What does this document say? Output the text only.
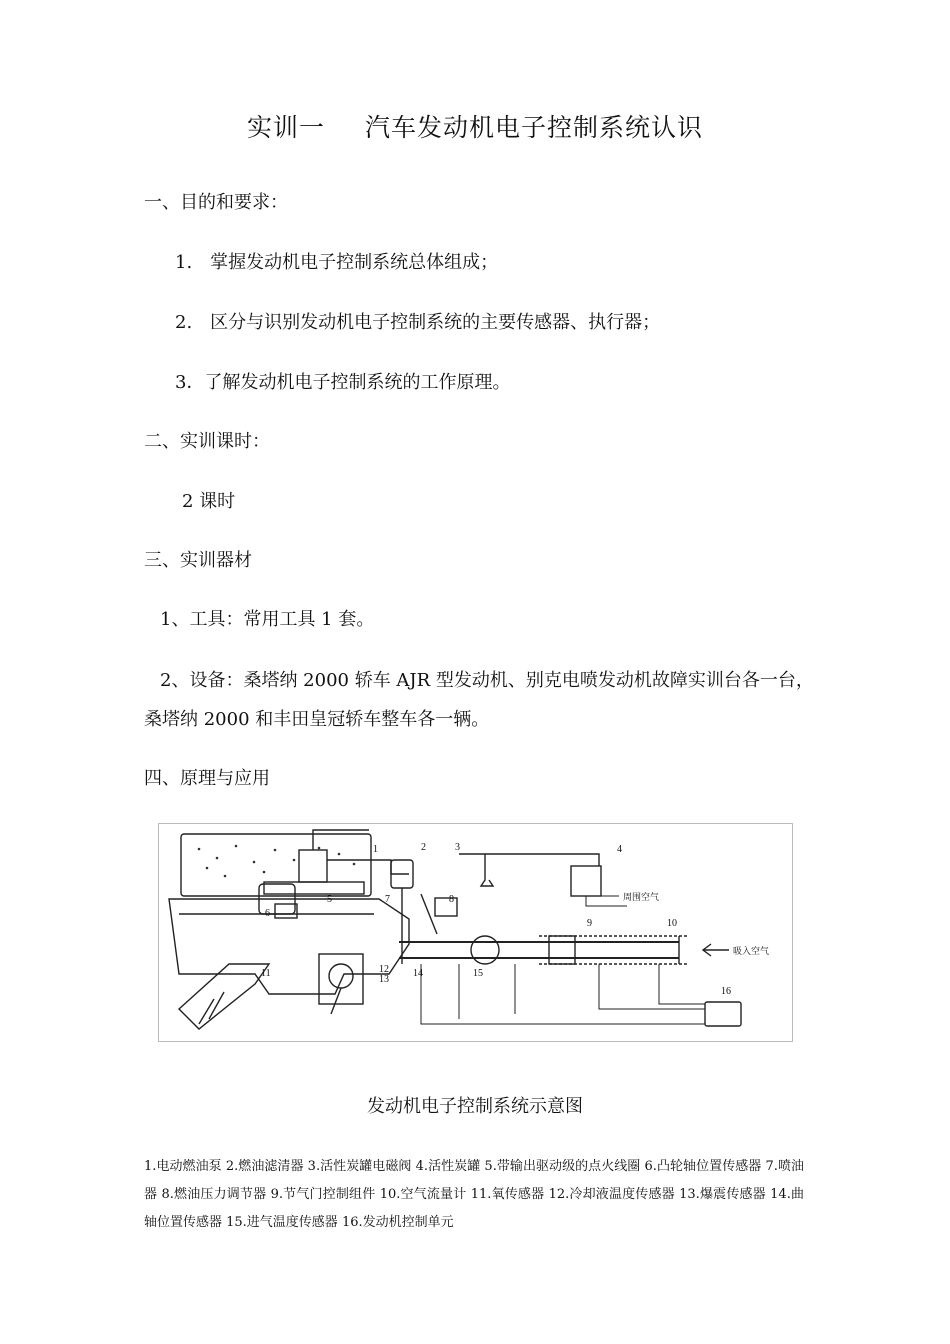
实训一 汽车发动机电子控制系统认识
一、目的和要求：
1.　掌握发动机电子控制系统总体组成；
2.　区分与识别发动机电子控制系统的主要传感器、执行器；
3．了解发动机电子控制系统的工作原理。
二、实训课时：
2 课时
三、实训器材
1、工具：常用工具 1 套。
2、设备：桑塔纳 2000 轿车 AJR 型发动机、别克电喷发动机故障实训台各一台，
桑塔纳 2000 和丰田皇冠轿车整车各一辆。
四、原理与应用
1	2	3	4
5
6
7	8
9	10
11	12
13
14	15
16
周围空气
吸入空气
发动机电子控制系统示意图
1.电动燃油泵 2.燃油滤清器 3.活性炭罐电磁阀 4.活性炭罐 5.带输出驱动级的点火线圈 6.凸轮轴位置传感器 7.喷油器 8.燃油压力调节器 9.节气门控制组件 10.空气流量计 11.氧传感器 12.冷却液温度传感器 13.爆震传感器 14.曲轴位置传感器 15.进气温度传感器 16.发动机控制单元
